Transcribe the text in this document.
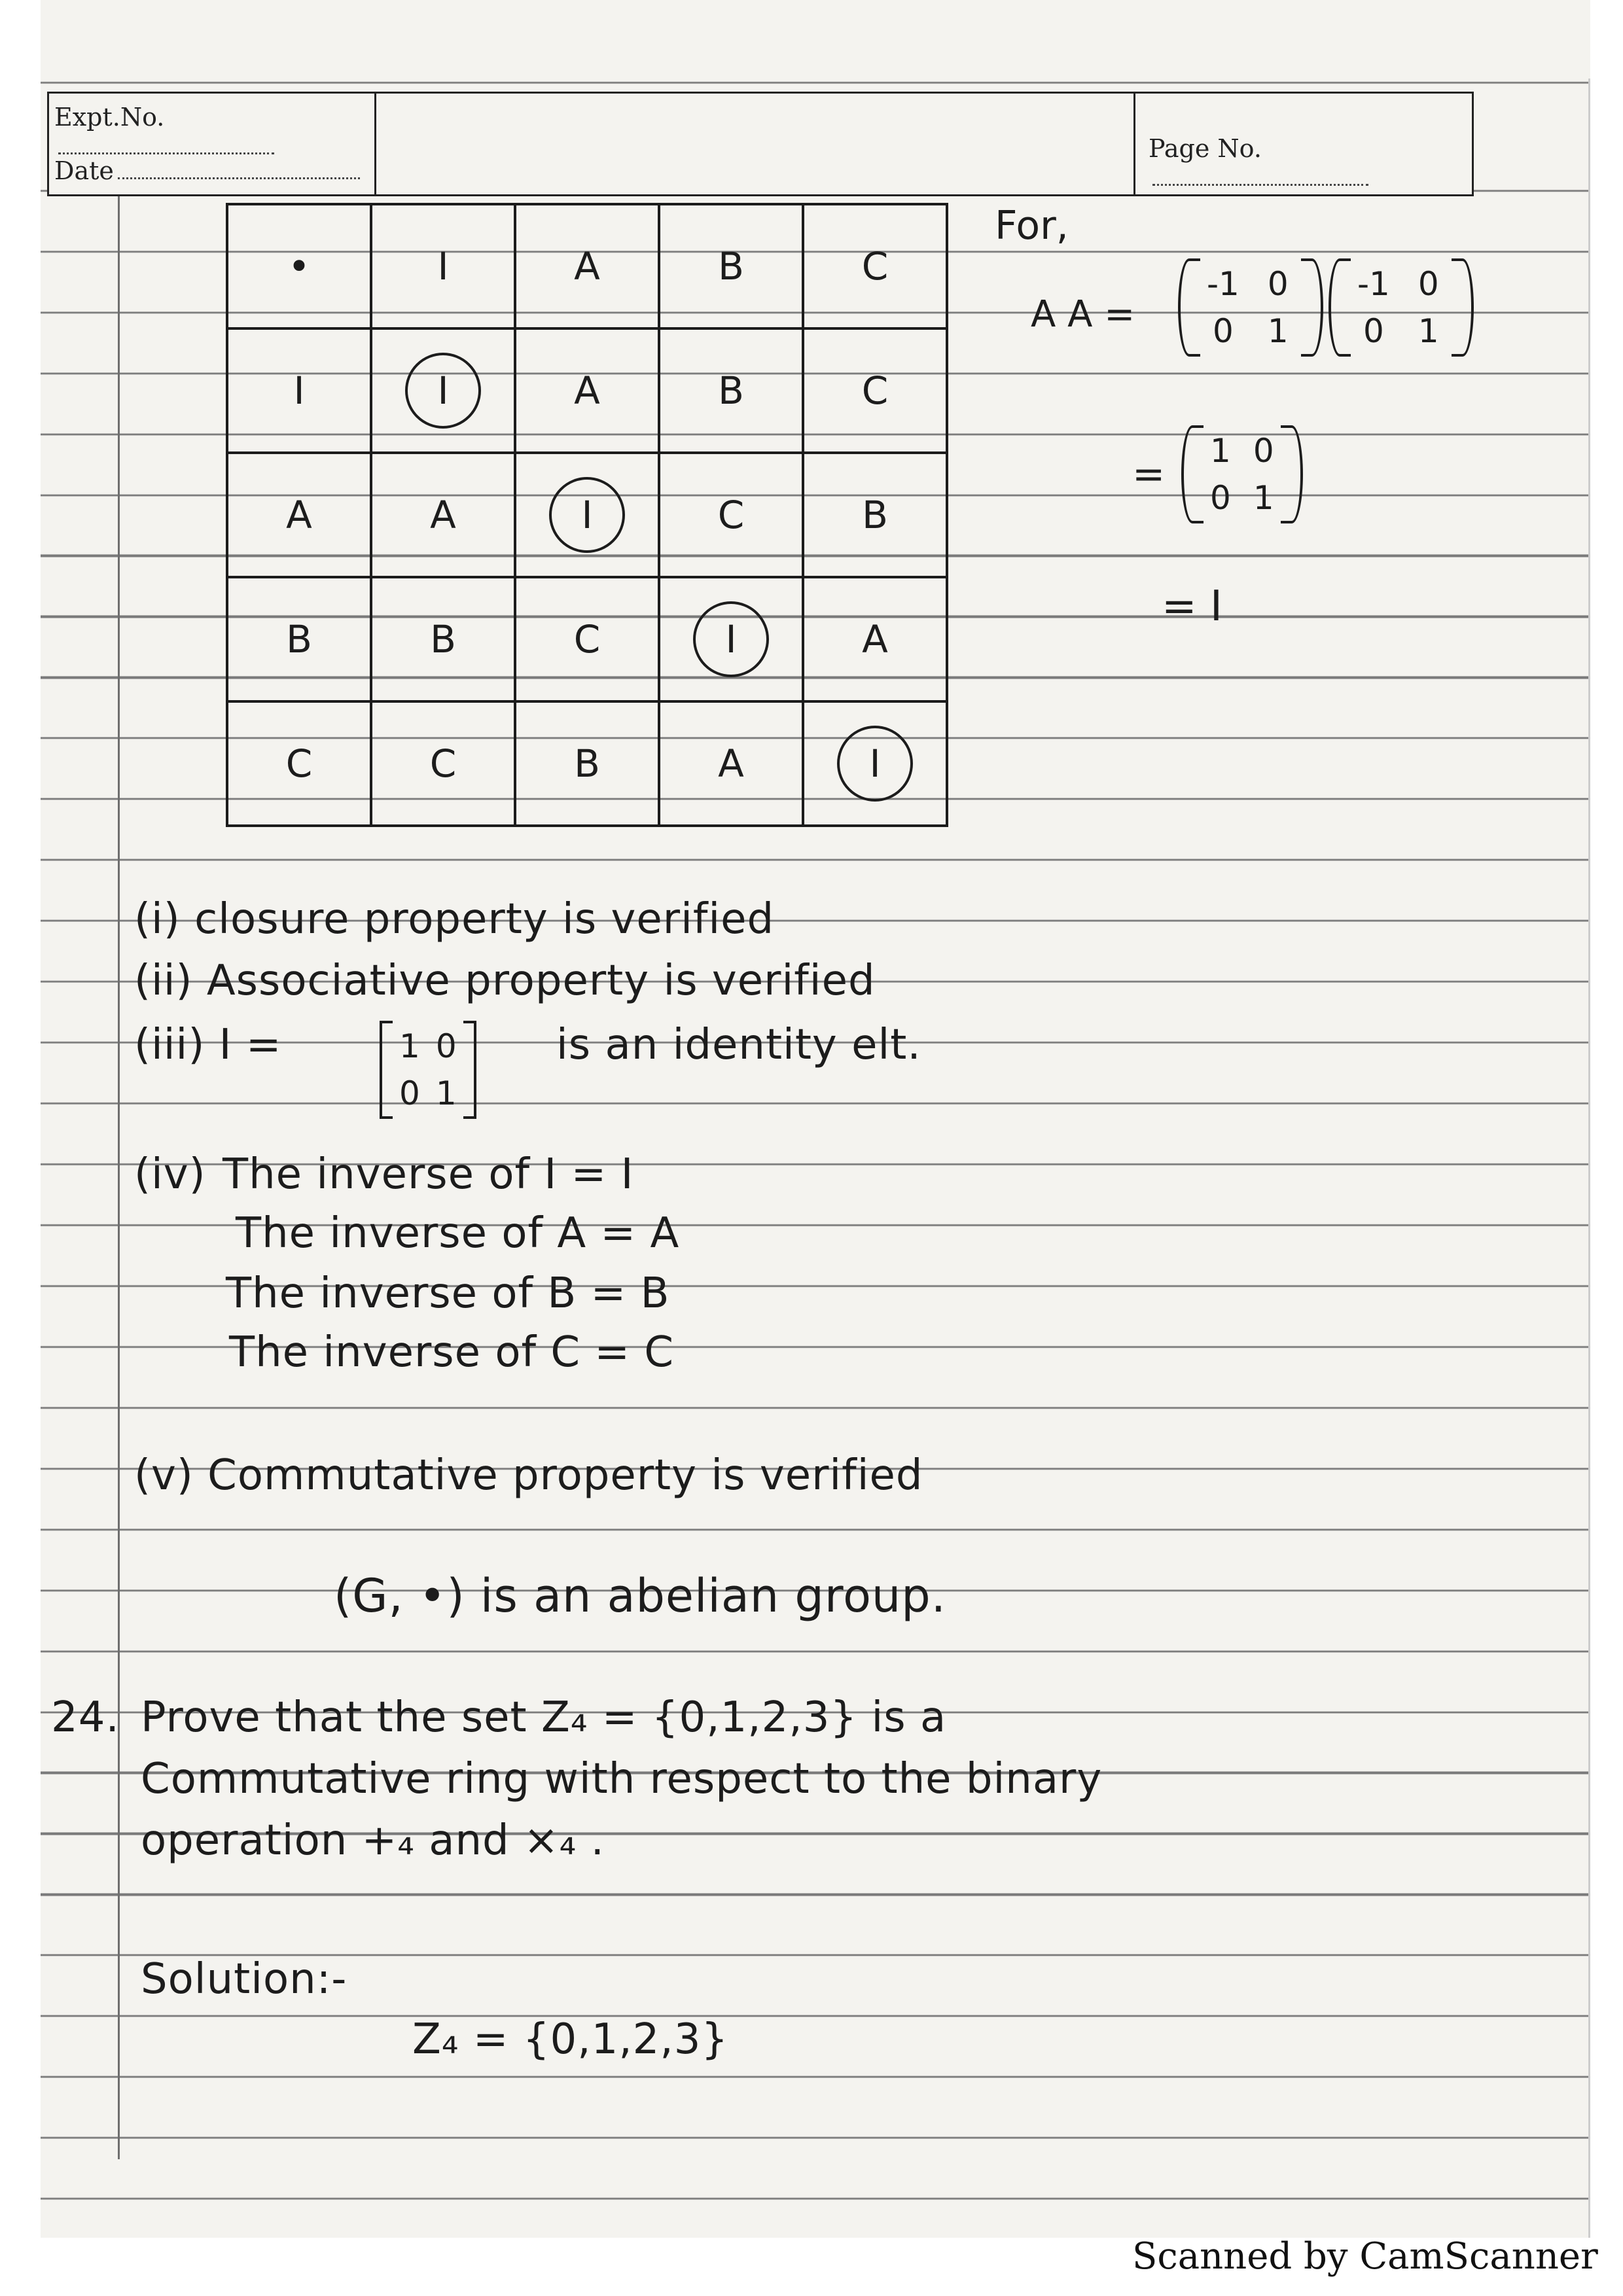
Expt.No.
Date
Page No.
•	I	A	B	C
I	I	A	B	C
A	A	I	C	B
B	B	C	I	A
C	C	B	A	I
For,
A A =
-1 0
0 1
-1 0
0 1
=
1 0
0 1
= I
(i) closure property is verified
(ii) Associative property is verified
(iii) I =	1 0
0 1
is an identity elt.
(iv) The inverse of I = I
The inverse of A = A
The inverse of B = B
The inverse of C = C
(v) Commutative property is verified
(G, •) is an abelian group.
24. Prove that the set Z₄ = {0,1,2,3} is a
Commutative ring with respect to the binary
operation +₄ and ×₄ .
Solution:-
Z₄ = {0,1,2,3}
Scanned by CamScanner
